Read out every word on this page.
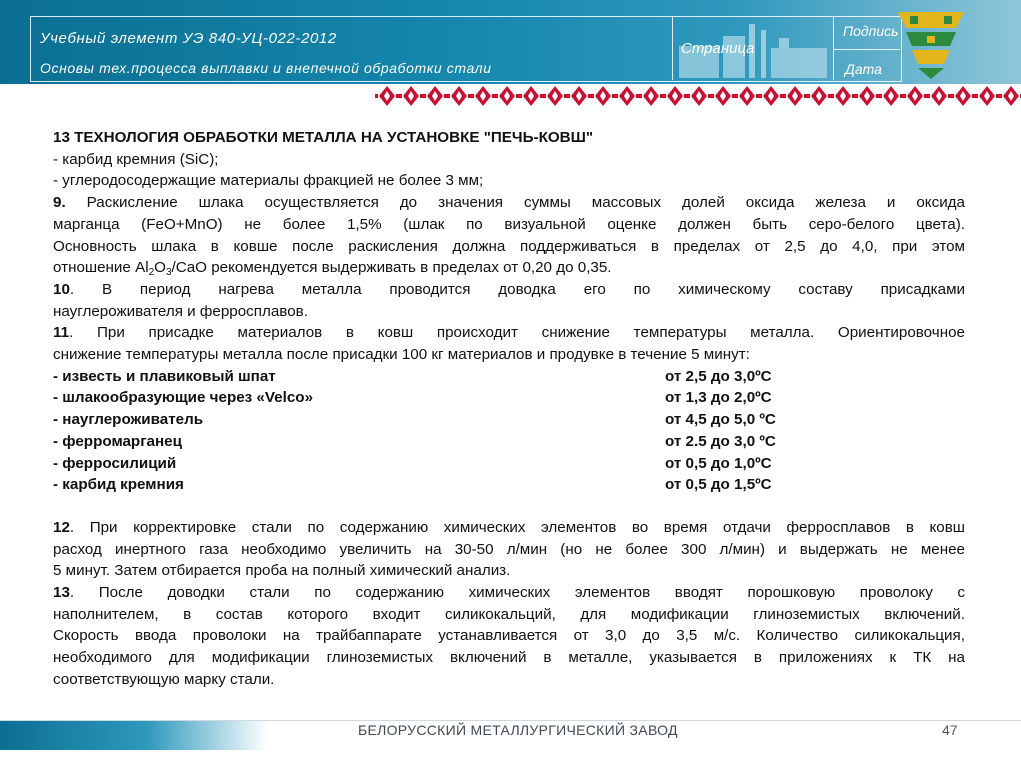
Учебный элемент УЭ 840-УЦ-022-2012
Основы тех.процесса выплавки и внепечной обработки стали
Страница
Подпись
Дата

13 ТЕХНОЛОГИЯ ОБРАБОТКИ МЕТАЛЛА НА УСТАНОВКЕ "ПЕЧЬ-КОВШ"

- карбид кремния (SiC);

- углеродосодержащие материалы фракцией не более 3 мм;

9. Раскисление шлака осуществляется до значения суммы массовых долей оксида железа и оксида

марганца (FeO+MnO) не более 1,5% (шлак по визуальной оценке должен быть серо-белого цвета).

Основность шлака в ковше после раскисления должна поддерживаться в пределах от 2,5 до 4,0, при этом

отношение $Al_2O_3$/CaO рекомендуется выдерживать в пределах от 0,20 до 0,35.

10. В период нагрева металла проводится доводка его по химическому составу присадками

науглероживателя и ферросплавов.

11. При присадке материалов в ковш происходит снижение температуры металла. Ориентировочное

снижение температуры металла после присадки 100 кг материалов и продувке в течение 5 минут:

- известь и плавиковый шпат	от 2,5 до 3,0ºС
- шлакообразующие через «Velco»	от 1,3 до 2,0ºС
- науглероживатель	от 4,5 до 5,0 ºС
- ферромарганец	от 2.5 до 3,0 ºС
- ферросилиций	от 0,5 до 1,0ºС
- карбид кремния	от 0,5 до 1,5ºС

12. При корректировке стали по содержанию химических элементов во время отдачи ферросплавов в ковш

расход инертного газа необходимо увеличить на 30-50 л/мин (но не более 300 л/мин) и выдержать не менее

5 минут. Затем отбирается проба на полный химический анализ.

13. После доводки стали по содержанию химических элементов вводят порошковую проволоку с

наполнителем, в состав которого входит силикокальций, для модификации глиноземистых включений.

Скорость ввода проволоки на трайбаппарате устанавливается от 3,0 до 3,5 м/с. Количество силикокальция,

необходимого для модификации глиноземистых включений в металле, указывается в приложениях к ТК на

соответствующую марку стали.

БЕЛОРУССКИЙ МЕТАЛЛУРГИЧЕСКИЙ ЗАВОД	47
